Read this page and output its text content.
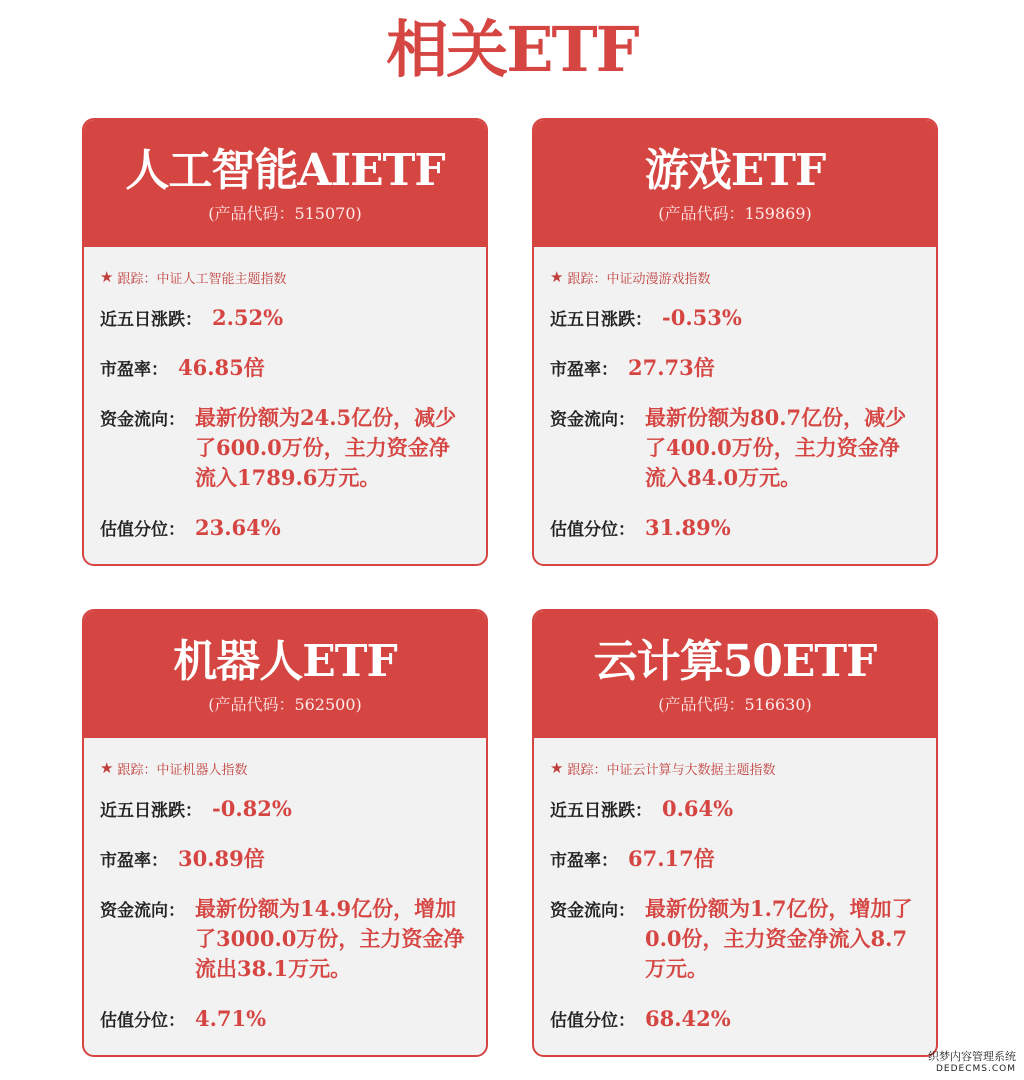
相关ETF
人工智能AIETF
(产品代码：515070)
★ 跟踪： 中证人工智能主题指数
近五日涨跌： 2.52%
市盈率： 46.85倍
资金流向： 最新份额为24.5亿份，减少了600.0万份，主力资金净流入1789.6万元。
估值分位： 23.64%
游戏ETF
(产品代码：159869)
★ 跟踪： 中证动漫游戏指数
近五日涨跌： -0.53%
市盈率： 27.73倍
资金流向： 最新份额为80.7亿份，减少了400.0万份，主力资金净流入84.0万元。
估值分位： 31.89%
机器人ETF
(产品代码：562500)
★ 跟踪： 中证机器人指数
近五日涨跌： -0.82%
市盈率： 30.89倍
资金流向： 最新份额为14.9亿份，增加了3000.0万份，主力资金净流出38.1万元。
估值分位： 4.71%
云计算50ETF
(产品代码：516630)
★ 跟踪： 中证云计算与大数据主题指数
近五日涨跌： 0.64%
市盈率： 67.17倍
资金流向： 最新份额为1.7亿份，增加了0.0份，主力资金净流入8.7万元。
估值分位： 68.42%
织梦内容管理系统
DEDECMS.COM
